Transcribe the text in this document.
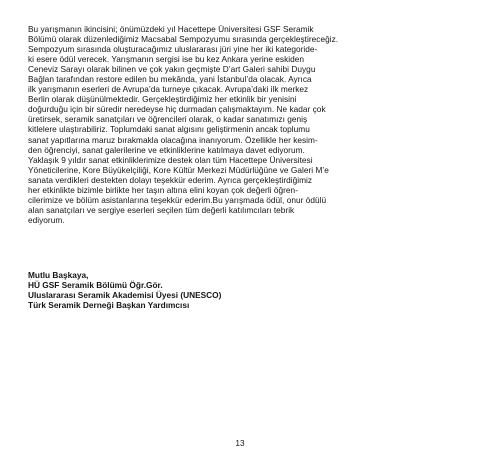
Bu yarışmanın ikincisini; önümüzdeki yıl Hacettepe Üniversitesi GSF Seramik
Bölümü olarak düzenlediğimiz Macsabal Sempozyumu sırasında gerçekleştireceğiz.
Sempozyum sırasında oluşturacağımız uluslararası jüri yine her iki kategoride-
ki esere ödül verecek. Yarışmanın sergisi ise bu kez Ankara yerine eskiden
Ceneviz Sarayı olarak bilinen ve çok yakın geçmişte D’art Galeri sahibi Duygu
Bağlan tarafından restore edilen bu mekânda, yani İstanbul’da olacak. Ayrıca
ilk yarışmanın eserleri de Avrupa’da turneye çıkacak. Avrupa’daki ilk merkez
Berlin olarak düşünülmektedir. Gerçekleştirdiğimiz her etkinlik bir yenisini
doğurduğu için bir süredir neredeyse hiç durmadan çalışmaktayım. Ne kadar çok
üretirsek, seramik sanatçıları ve öğrencileri olarak, o kadar sanatımızı geniş
kitlelere ulaştırabiliriz. Toplumdaki sanat algısını geliştirmenin ancak toplumu
sanat yapıtlarına maruz bırakmakla olacağına inanıyorum. Özellikle her kesim-
den öğrenciyi, sanat galerilerine ve etkinliklerine katılmaya davet ediyorum.
Yaklaşık 9 yıldır sanat etkinliklerimize destek olan tüm Hacettepe Üniversitesi
Yöneticilerine, Kore Büyükelçiliği, Kore Kültür Merkezi Müdürlüğüne ve Galeri M’e
sanata verdikleri destekten dolayı teşekkür ederim. Ayrıca gerçekleştirdiğimiz
her etkinlikte bizimle birlikte her taşın altına elini koyan çok değerli öğren-
cilerimize ve bölüm asistanlarına teşekkür ederim.Bu yarışmada ödül, onur ödülü
alan sanatçıları ve sergiye eserleri seçilen tüm değerli katılımcıları tebrik
ediyorum.
Mutlu Başkaya,
HÜ GSF Seramik Bölümü Öğr.Gör.
Uluslararası Seramik Akademisi Üyesi (UNESCO)
Türk Seramik Derneği Başkan Yardımcısı
13
